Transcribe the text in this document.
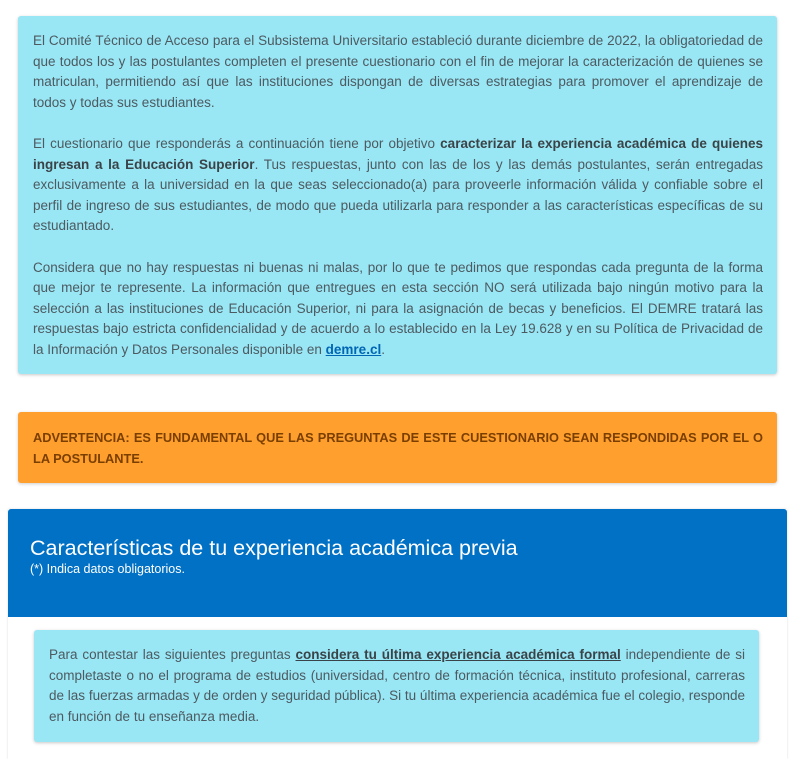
El Comité Técnico de Acceso para el Subsistema Universitario estableció durante diciembre de 2022, la obligatoriedad de que todos los y las postulantes completen el presente cuestionario con el fin de mejorar la caracterización de quienes se matriculan, permitiendo así que las instituciones dispongan de diversas estrategias para promover el aprendizaje de todos y todas sus estudiantes.

El cuestionario que responderás a continuación tiene por objetivo caracterizar la experiencia académica de quienes ingresan a la Educación Superior. Tus respuestas, junto con las de los y las demás postulantes, serán entregadas exclusivamente a la universidad en la que seas seleccionado(a) para proveerle información válida y confiable sobre el perfil de ingreso de sus estudiantes, de modo que pueda utilizarla para responder a las características específicas de su estudiantado.

Considera que no hay respuestas ni buenas ni malas, por lo que te pedimos que respondas cada pregunta de la forma que mejor te represente. La información que entregues en esta sección NO será utilizada bajo ningún motivo para la selección a las instituciones de Educación Superior, ni para la asignación de becas y beneficios. El DEMRE tratará las respuestas bajo estricta confidencialidad y de acuerdo a lo establecido en la Ley 19.628 y en su Política de Privacidad de la Información y Datos Personales disponible en demre.cl.

ADVERTENCIA: ES FUNDAMENTAL QUE LAS PREGUNTAS DE ESTE CUESTIONARIO SEAN RESPONDIDAS POR EL O LA POSTULANTE.
Características de tu experiencia académica previa
(*) Indica datos obligatorios.
Para contestar las siguientes preguntas considera tu última experiencia académica formal independiente de si completaste o no el programa de estudios (universidad, centro de formación técnica, instituto profesional, carreras de las fuerzas armadas y de orden y seguridad pública). Si tu última experiencia académica fue el colegio, responde en función de tu enseñanza media.
